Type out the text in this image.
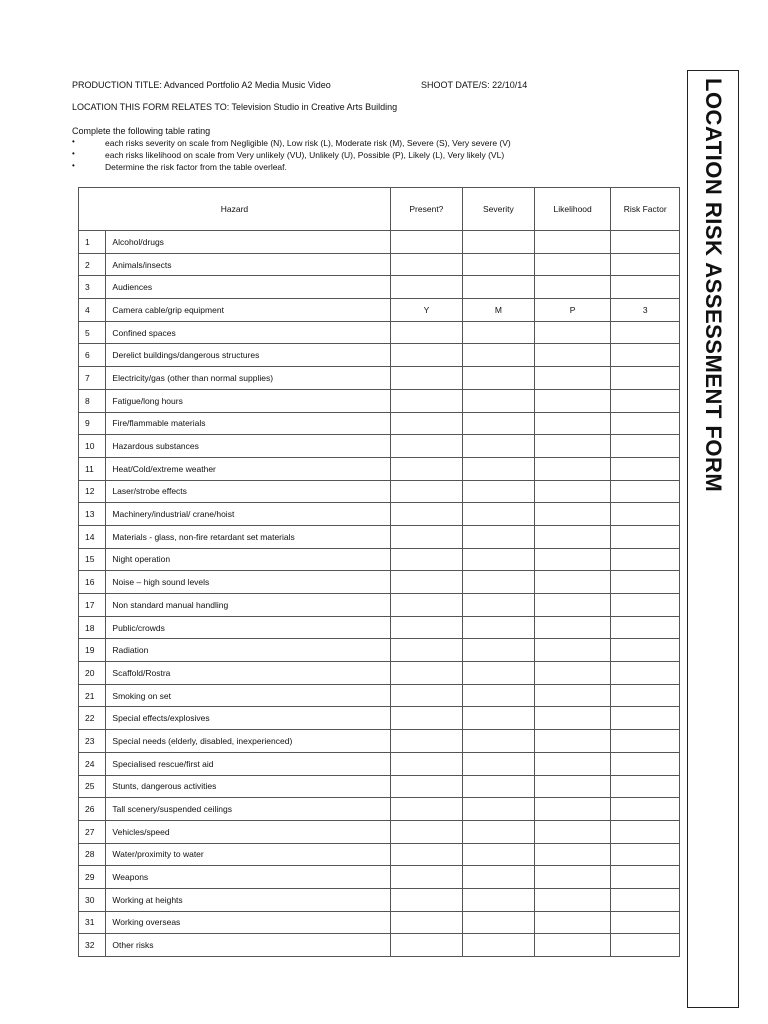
PRODUCTION TITLE: Advanced Portfolio A2 Media Music Video	SHOOT DATE/S: 22/10/14
LOCATION THIS FORM RELATES TO: Television Studio in Creative Arts Building
Complete the following table rating
•	each risks severity on scale from Negligible (N), Low risk (L), Moderate risk (M), Severe (S), Very severe (V)
•	each risks likelihood on scale from Very unlikely (VU), Unlikely (U), Possible (P), Likely (L), Very likely (VL)
•	Determine the risk factor from the table overleaf.
Hazard		Present?	Severity	Likelihood	Risk Factor
1	Alcohol/drugs				
2	Animals/insects				
3	Audiences				
4	Camera cable/grip equipment	Y	M	P	3
5	Confined spaces				
6	Derelict buildings/dangerous structures				
7	Electricity/gas (other than normal supplies)				
8	Fatigue/long hours				
9	Fire/flammable materials				
10	Hazardous substances				
11	Heat/Cold/extreme weather				
12	Laser/strobe effects				
13	Machinery/industrial/ crane/hoist				
14	Materials - glass, non-fire retardant set materials				
15	Night operation				
16	Noise – high sound levels				
17	Non standard manual handling				
18	Public/crowds				
19	Radiation				
20	Scaffold/Rostra				
21	Smoking on set				
22	Special effects/explosives				
23	Special needs (elderly, disabled, inexperienced)				
24	Specialised rescue/first aid				
25	Stunts, dangerous activities				
26	Tall scenery/suspended ceilings				
27	Vehicles/speed				
28	Water/proximity to water				
29	Weapons				
30	Working at heights				
31	Working overseas				
32	Other risks				
LOCATION RISK ASSESSMENT FORM
